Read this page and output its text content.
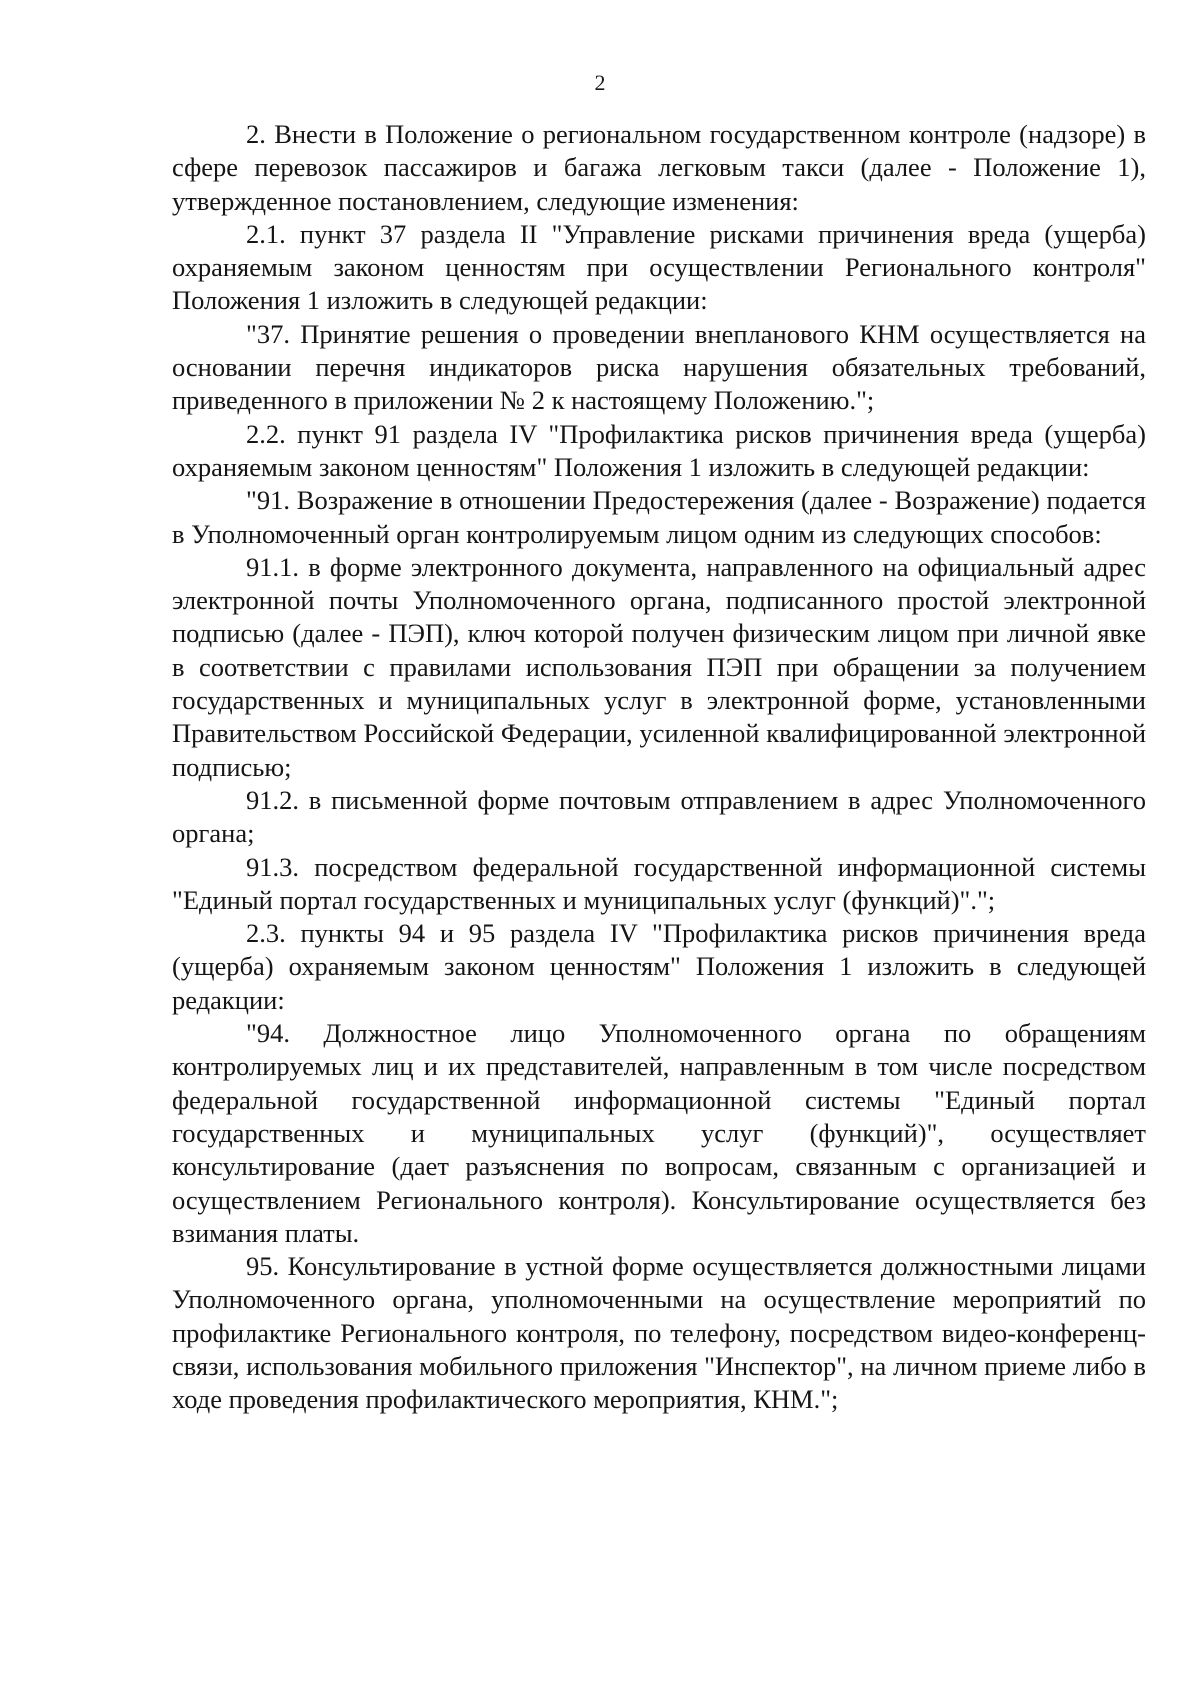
2

2. Внести в Положение о региональном государственном контроле (надзоре) в сфере перевозок пассажиров и багажа легковым такси (далее - Положение 1), утвержденное постановлением, следующие изменения:

2.1. пункт 37 раздела II "Управление рисками причинения вреда (ущерба) охраняемым законом ценностям при осуществлении Регионального контроля" Положения 1 изложить в следующей редакции:

"37. Принятие решения о проведении внепланового КНМ осуществляется на основании перечня индикаторов риска нарушения обязательных требований, приведенного в приложении № 2 к настоящему Положению.";

2.2. пункт 91 раздела IV "Профилактика рисков причинения вреда (ущерба) охраняемым законом ценностям" Положения 1 изложить в следующей редакции:

"91. Возражение в отношении Предостережения (далее - Возражение) подается в Уполномоченный орган контролируемым лицом одним из следующих способов:

91.1. в форме электронного документа, направленного на официальный адрес электронной почты Уполномоченного органа, подписанного простой электронной подписью (далее - ПЭП), ключ которой получен физическим лицом при личной явке в соответствии с правилами использования ПЭП при обращении за получением государственных и муниципальных услуг в электронной форме, установленными Правительством Российской Федерации, усиленной квалифицированной электронной подписью;

91.2. в письменной форме почтовым отправлением в адрес Уполномоченного органа;

91.3. посредством федеральной государственной информационной системы "Единый портал государственных и муниципальных услуг (функций)".";

2.3. пункты 94 и 95 раздела IV "Профилактика рисков причинения вреда (ущерба) охраняемым законом ценностям" Положения 1 изложить в следующей редакции:

"94. Должностное лицо Уполномоченного органа по обращениям контролируемых лиц и их представителей, направленным в том числе посредством федеральной государственной информационной системы "Единый портал государственных и муниципальных услуг (функций)", осуществляет консультирование (дает разъяснения по вопросам, связанным с организацией и осуществлением Регионального контроля). Консультирование осуществляется без взимания платы.

95. Консультирование в устной форме осуществляется должностными лицами Уполномоченного органа, уполномоченными на осуществление мероприятий по профилактике Регионального контроля, по телефону, посредством видео-конференц-связи, использования мобильного приложения "Инспектор", на личном приеме либо в ходе проведения профилактического мероприятия, КНМ.";
